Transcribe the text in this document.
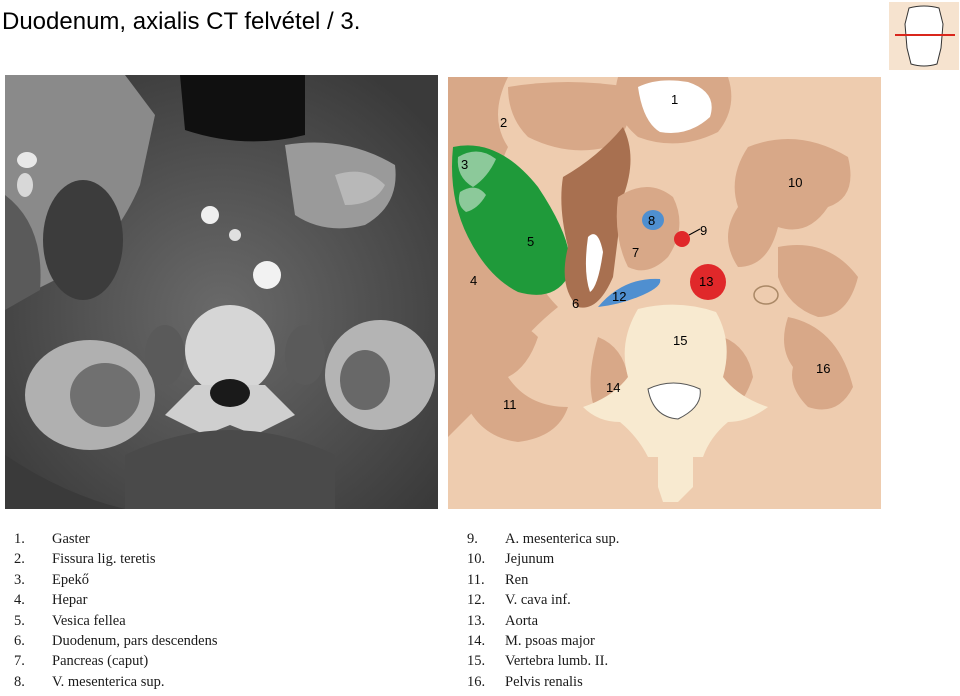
Duodenum, axialis CT felvétel / 3.
1
2
3
4
5
6
7
8
9
10
11
12
13
14
15
16
1.	Gaster
2.	Fissura lig. teretis
3.	Epekő
4.	Hepar
5.	Vesica fellea
6.	Duodenum, pars descendens
7.	Pancreas (caput)
8.	V. mesenterica sup.
9.	A. mesenterica sup.
10.	Jejunum
11.	Ren
12.	V. cava inf.
13.	Aorta
14.	M. psoas major
15.	Vertebra lumb. II.
16.	Pelvis renalis
